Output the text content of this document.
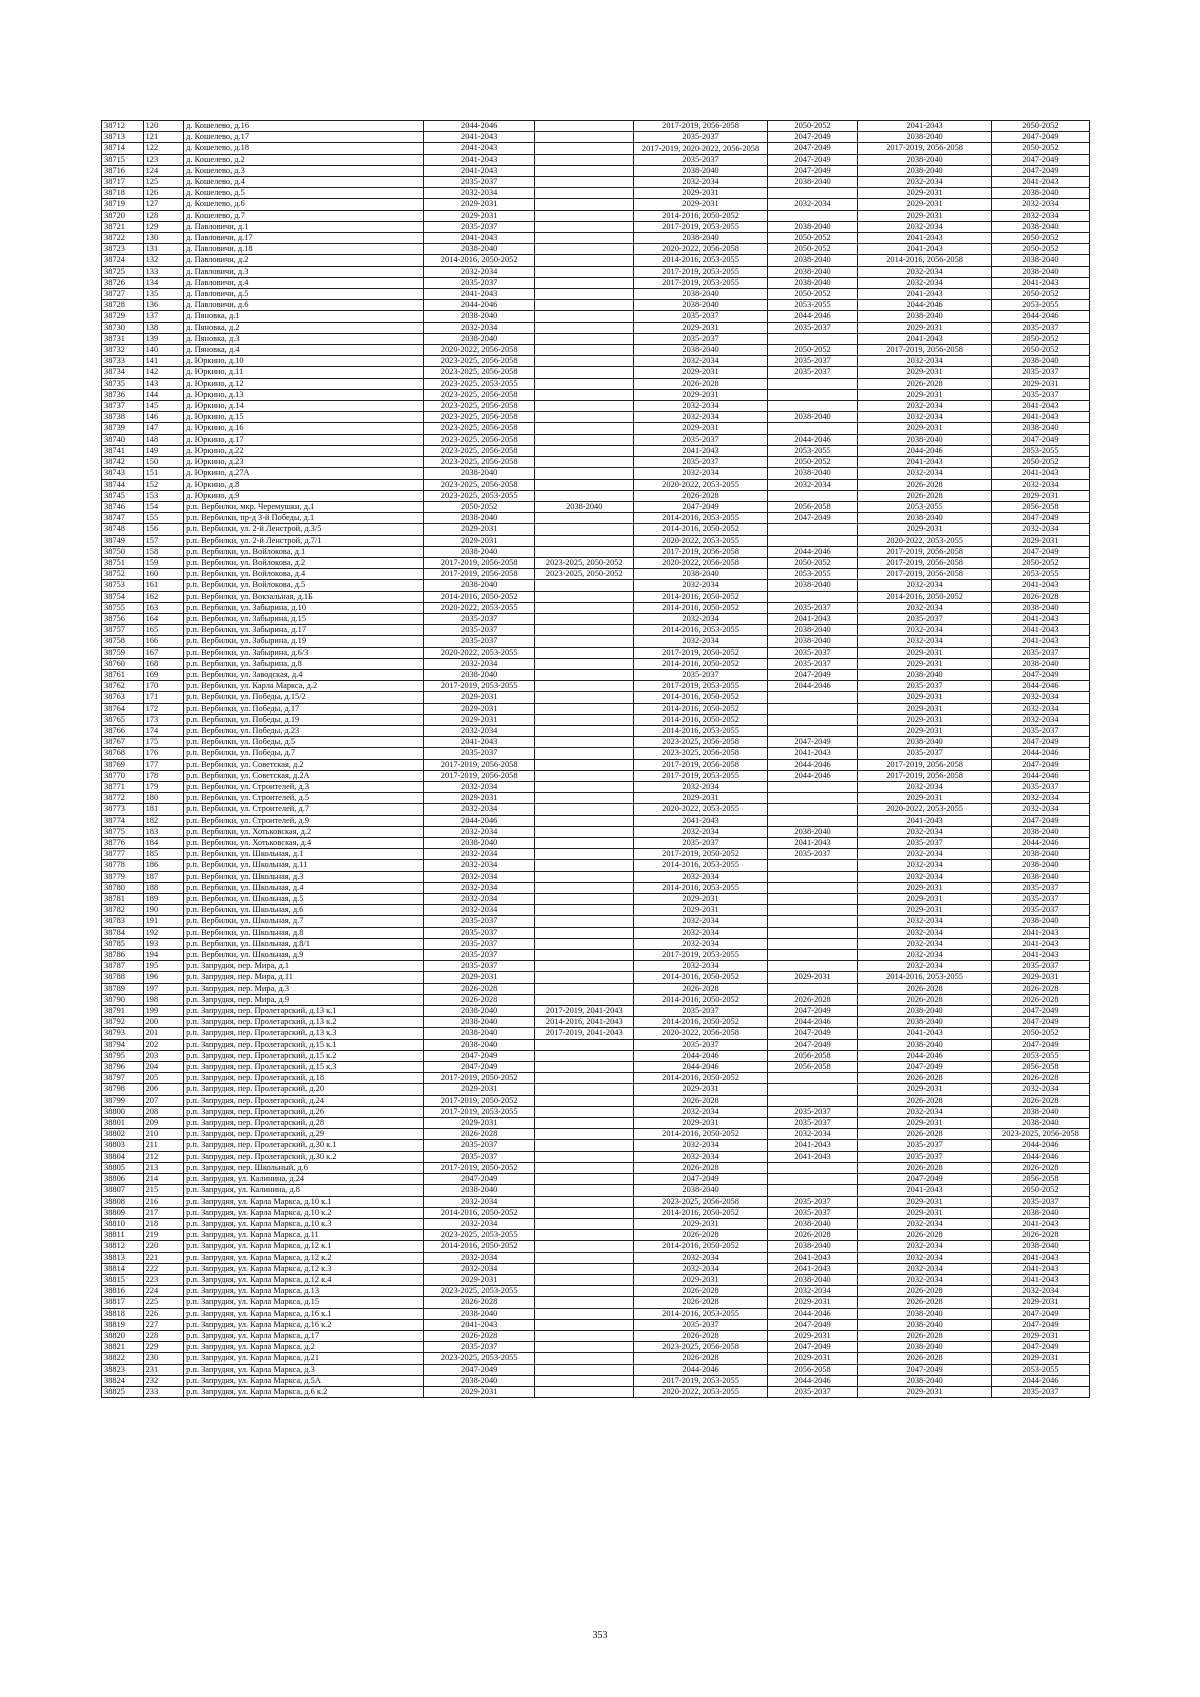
38712	120	д. Кошелево, д.16	2044-2046		2017-2019, 2056-2058	2050-2052	2041-2043	2050-2052
38713	121	д. Кошелево, д.17	2041-2043		2035-2037	2047-2049	2038-2040	2047-2049
38714	122	д. Кошелево, д.18	2041-2043		2017-2019, 2020-2022, 2056-2058	2047-2049	2017-2019, 2056-2058	2050-2052
38715	123	д. Кошелево, д.2	2041-2043		2035-2037	2047-2049	2038-2040	2047-2049
38716	124	д. Кошелево, д.3	2041-2043		2038-2040	2047-2049	2038-2040	2047-2049
38717	125	д. Кошелево, д.4	2035-2037		2032-2034	2038-2040	2032-2034	2041-2043
38718	126	д. Кошелево, д.5	2032-2034		2029-2031		2029-2031	2038-2040
38719	127	д. Кошелево, д.6	2029-2031		2029-2031	2032-2034	2029-2031	2032-2034
38720	128	д. Кошелево, д.7	2029-2031		2014-2016, 2050-2052		2029-2031	2032-2034
38721	129	д. Павловичи, д.1	2035-2037		2017-2019, 2053-2055	2038-2040	2032-2034	2038-2040
38722	130	д. Павловичи, д.17	2041-2043		2038-2040	2050-2052	2041-2043	2050-2052
38723	131	д. Павловичи, д.18	2038-2040		2020-2022, 2056-2058	2050-2052	2041-2043	2050-2052
38724	132	д. Павловичи, д.2	2014-2016, 2050-2052		2014-2016, 2053-2055	2038-2040	2014-2016, 2056-2058	2038-2040
38725	133	д. Павловичи, д.3	2032-2034		2017-2019, 2053-2055	2038-2040	2032-2034	2038-2040
38726	134	д. Павловичи, д.4	2035-2037		2017-2019, 2053-2055	2038-2040	2032-2034	2041-2043
38727	135	д. Павловичи, д.5	2041-2043		2038-2040	2050-2052	2041-2043	2050-2052
38728	136	д. Павловичи, д.6	2044-2046		2038-2040	2053-2055	2044-2046	2053-2055
38729	137	д. Пяновка, д.1	2038-2040		2035-2037	2044-2046	2038-2040	2044-2046
38730	138	д. Пяновка, д.2	2032-2034		2029-2031	2035-2037	2029-2031	2035-2037
38731	139	д. Пяновка, д.3	2038-2040		2035-2037		2041-2043	2050-2052
38732	140	д. Пяновка, д.4	2020-2022, 2056-2058		2038-2040	2050-2052	2017-2019, 2056-2058	2050-2052
38733	141	д. Юркино, д.10	2023-2025, 2056-2058		2032-2034	2035-2037	2032-2034	2038-2040
38734	142	д. Юркино, д.11	2023-2025, 2056-2058		2029-2031	2035-2037	2029-2031	2035-2037
38735	143	д. Юркино, д.12	2023-2025, 2053-2055		2026-2028		2026-2028	2029-2031
38736	144	д. Юркино, д.13	2023-2025, 2056-2058		2029-2031		2029-2031	2035-2037
38737	145	д. Юркино, д.14	2023-2025, 2056-2058		2032-2034		2032-2034	2041-2043
38738	146	д. Юркино, д.15	2023-2025, 2056-2058		2032-2034	2038-2040	2032-2034	2041-2043
38739	147	д. Юркино, д.16	2023-2025, 2056-2058		2029-2031		2029-2031	2038-2040
38740	148	д. Юркино, д.17	2023-2025, 2056-2058		2035-2037	2044-2046	2038-2040	2047-2049
38741	149	д. Юркино, д.22	2023-2025, 2056-2058		2041-2043	2053-2055	2044-2046	2053-2055
38742	150	д. Юркино, д.23	2023-2025, 2056-2058		2035-2037	2050-2052	2041-2043	2050-2052
38743	151	д. Юркино, д.27А	2038-2040		2032-2034	2038-2040	2032-2034	2041-2043
38744	152	д. Юркино, д.8	2023-2025, 2056-2058		2020-2022, 2053-2055	2032-2034	2026-2028	2032-2034
38745	153	д. Юркино, д.9	2023-2025, 2053-2055		2026-2028		2026-2028	2029-2031
38746	154	р.п. Вербилки, мкр. Черемушки, д.1	2050-2052	2038-2040	2047-2049	2056-2058	2053-2055	2056-2058
38747	155	р.п. Вербилки, пр-д 3-й Победы, д.1	2038-2040		2014-2016, 2053-2055	2047-2049	2038-2040	2047-2049
38748	156	р.п. Вербилки, ул. 2-й Ленстрой, д.3/5	2029-2031		2014-2016, 2050-2052		2029-2031	2032-2034
38749	157	р.п. Вербилки, ул. 2-й Ленстрой, д.7/1	2029-2031		2020-2022, 2053-2055		2020-2022, 2053-2055	2029-2031
38750	158	р.п. Вербилки, ул. Войлокова, д.1	2038-2040		2017-2019, 2056-2058	2044-2046	2017-2019, 2056-2058	2047-2049
38751	159	р.п. Вербилки, ул. Войлокова, д.2	2017-2019, 2056-2058	2023-2025, 2050-2052	2020-2022, 2056-2058	2050-2052	2017-2019, 2056-2058	2050-2052
38752	160	р.п. Вербилки, ул. Войлокова, д.4	2017-2019, 2056-2058	2023-2025, 2050-2052	2038-2040	2053-2055	2017-2019, 2056-2058	2053-2055
38753	161	р.п. Вербилки, ул. Войлокова, д.5	2038-2040		2032-2034	2038-2040	2032-2034	2041-2043
38754	162	р.п. Вербилки, ул. Вокзальная, д.1Б	2014-2016, 2050-2052		2014-2016, 2050-2052		2014-2016, 2050-2052	2026-2028
38755	163	р.п. Вербилки, ул. Забырина, д.10	2020-2022, 2053-2055		2014-2016, 2050-2052	2035-2037	2032-2034	2038-2040
38756	164	р.п. Вербилки, ул. Забырина, д.15	2035-2037		2032-2034	2041-2043	2035-2037	2041-2043
38757	165	р.п. Вербилки, ул. Забырина, д.17	2035-2037		2014-2016, 2053-2055	2038-2040	2032-2034	2041-2043
38758	166	р.п. Вербилки, ул. Забырина, д.19	2035-2037		2032-2034	2038-2040	2032-2034	2041-2043
38759	167	р.п. Вербилки, ул. Забырина, д.6/3	2020-2022, 2053-2055		2017-2019, 2050-2052	2035-2037	2029-2031	2035-2037
38760	168	р.п. Вербилки, ул. Забырина, д.8	2032-2034		2014-2016, 2050-2052	2035-2037	2029-2031	2038-2040
38761	169	р.п. Вербилки, ул. Заводская, д.4	2038-2040		2035-2037	2047-2049	2038-2040	2047-2049
38762	170	р.п. Вербилки, ул. Карла Маркса, д.2	2017-2019, 2053-2055		2017-2019, 2053-2055	2044-2046	2035-2037	2044-2046
38763	171	р.п. Вербилки, ул. Победы, д.15/2	2029-2031		2014-2016, 2050-2052		2029-2031	2032-2034
38764	172	р.п. Вербилки, ул. Победы, д.17	2029-2031		2014-2016, 2050-2052		2029-2031	2032-2034
38765	173	р.п. Вербилки, ул. Победы, д.19	2029-2031		2014-2016, 2050-2052		2029-2031	2032-2034
38766	174	р.п. Вербилки, ул. Победы, д.23	2032-2034		2014-2016, 2053-2055		2029-2031	2035-2037
38767	175	р.п. Вербилки, ул. Победы, д.5	2041-2043		2023-2025, 2056-2058	2047-2049	2038-2040	2047-2049
38768	176	р.п. Вербилки, ул. Победы, д.7	2035-2037		2023-2025, 2056-2058	2041-2043	2035-2037	2044-2046
38769	177	р.п. Вербилки, ул. Советская, д.2	2017-2019, 2056-2058		2017-2019, 2056-2058	2044-2046	2017-2019, 2056-2058	2047-2049
38770	178	р.п. Вербилки, ул. Советская, д.2А	2017-2019, 2056-2058		2017-2019, 2053-2055	2044-2046	2017-2019, 2056-2058	2044-2046
38771	179	р.п. Вербилки, ул. Строителей, д.3	2032-2034		2032-2034		2032-2034	2035-2037
38772	180	р.п. Вербилки, ул. Строителей, д.5	2029-2031		2029-2031		2029-2031	2032-2034
38773	181	р.п. Вербилки, ул. Строителей, д.7	2032-2034		2020-2022, 2053-2055		2020-2022, 2053-2055	2032-2034
38774	182	р.п. Вербилки, ул. Строителей, д.9	2044-2046		2041-2043		2041-2043	2047-2049
38775	183	р.п. Вербилки, ул. Хотьковская, д.2	2032-2034		2032-2034	2038-2040	2032-2034	2038-2040
38776	184	р.п. Вербилки, ул. Хотьковская, д.4	2038-2040		2035-2037	2041-2043	2035-2037	2044-2046
38777	185	р.п. Вербилки, ул. Школьная, д.1	2032-2034		2017-2019, 2050-2052	2035-2037	2032-2034	2038-2040
38778	186	р.п. Вербилки, ул. Школьная, д.11	2032-2034		2014-2016, 2053-2055		2032-2034	2038-2040
38779	187	р.п. Вербилки, ул. Школьная, д.3	2032-2034		2032-2034		2032-2034	2038-2040
38780	188	р.п. Вербилки, ул. Школьная, д.4	2032-2034		2014-2016, 2053-2055		2029-2031	2035-2037
38781	189	р.п. Вербилки, ул. Школьная, д.5	2032-2034		2029-2031		2029-2031	2035-2037
38782	190	р.п. Вербилки, ул. Школьная, д.6	2032-2034		2029-2031		2029-2031	2035-2037
38783	191	р.п. Вербилки, ул. Школьная, д.7	2035-2037		2032-2034		2032-2034	2038-2040
38784	192	р.п. Вербилки, ул. Школьная, д.8	2035-2037		2032-2034		2032-2034	2041-2043
38785	193	р.п. Вербилки, ул. Школьная, д.8/1	2035-2037		2032-2034		2032-2034	2041-2043
38786	194	р.п. Вербилки, ул. Школьная, д.9	2035-2037		2017-2019, 2053-2055		2032-2034	2041-2043
38787	195	р.п. Запрудня, пер. Мира, д.1	2035-2037		2032-2034		2032-2034	2035-2037
38788	196	р.п. Запрудня, пер. Мира, д.11	2029-2031		2014-2016, 2050-2052	2029-2031	2014-2016, 2053-2055	2029-2031
38789	197	р.п. Запрудня, пер. Мира, д.3	2026-2028		2026-2028		2026-2028	2026-2028
38790	198	р.п. Запрудня, пер. Мира, д.9	2026-2028		2014-2016, 2050-2052	2026-2028	2026-2028	2026-2028
38791	199	р.п. Запрудня, пер. Пролетарский, д.13 к.1	2038-2040	2017-2019, 2041-2043	2035-2037	2047-2049	2038-2040	2047-2049
38792	200	р.п. Запрудня, пер. Пролетарский, д.13 к.2	2038-2040	2014-2016, 2041-2043	2014-2016, 2050-2052	2044-2046	2038-2040	2047-2049
38793	201	р.п. Запрудня, пер. Пролетарский, д.13 к.3	2038-2040	2017-2019, 2041-2043	2020-2022, 2056-2058	2047-2049	2041-2043	2050-2052
38794	202	р.п. Запрудня, пер. Пролетарский, д.15 к.1	2038-2040		2035-2037	2047-2049	2038-2040	2047-2049
38795	203	р.п. Запрудня, пер. Пролетарский, д.15 к.2	2047-2049		2044-2046	2056-2058	2044-2046	2053-2055
38796	204	р.п. Запрудня, пер. Пролетарский, д.15 к.3	2047-2049		2044-2046	2056-2058	2047-2049	2056-2058
38797	205	р.п. Запрудня, пер. Пролетарский, д.18	2017-2019, 2050-2052		2014-2016, 2050-2052		2026-2028	2026-2028
38798	206	р.п. Запрудня, пер. Пролетарский, д.20	2029-2031		2029-2031		2029-2031	2032-2034
38799	207	р.п. Запрудня, пер. Пролетарский, д.24	2017-2019, 2050-2052		2026-2028		2026-2028	2026-2028
38800	208	р.п. Запрудня, пер. Пролетарский, д.26	2017-2019, 2053-2055		2032-2034	2035-2037	2032-2034	2038-2040
38801	209	р.п. Запрудня, пер. Пролетарский, д.28	2029-2031		2029-2031	2035-2037	2029-2031	2038-2040
38802	210	р.п. Запрудня, пер. Пролетарский, д.29	2026-2028		2014-2016, 2050-2052	2032-2034	2026-2028	2023-2025, 2056-2058
38803	211	р.п. Запрудня, пер. Пролетарский, д.30 к.1	2035-2037		2032-2034	2041-2043	2035-2037	2044-2046
38804	212	р.п. Запрудня, пер. Пролетарский, д.30 к.2	2035-2037		2032-2034	2041-2043	2035-2037	2044-2046
38805	213	р.п. Запрудня, пер. Школьный, д.6	2017-2019, 2050-2052		2026-2028		2026-2028	2026-2028
38806	214	р.п. Запрудня, ул. Калинина, д.24	2047-2049		2047-2049		2047-2049	2056-2058
38807	215	р.п. Запрудня, ул. Калинина, д.8	2038-2040		2038-2040		2041-2043	2050-2052
38808	216	р.п. Запрудня, ул. Карла Маркса, д.10 к.1	2032-2034		2023-2025, 2056-2058	2035-2037	2029-2031	2035-2037
38809	217	р.п. Запрудня, ул. Карла Маркса, д.10 к.2	2014-2016, 2050-2052		2014-2016, 2050-2052	2035-2037	2029-2031	2038-2040
38810	218	р.п. Запрудня, ул. Карла Маркса, д.10 к.3	2032-2034		2029-2031	2038-2040	2032-2034	2041-2043
38811	219	р.п. Запрудня, ул. Карла Маркса, д.11	2023-2025, 2053-2055		2026-2028	2026-2028	2026-2028	2026-2028
38812	220	р.п. Запрудня, ул. Карла Маркса, д.12 к.1	2014-2016, 2050-2052		2014-2016, 2050-2052	2038-2040	2032-2034	2038-2040
38813	221	р.п. Запрудня, ул. Карла Маркса, д.12 к.2	2032-2034		2032-2034	2041-2043	2032-2034	2041-2043
38814	222	р.п. Запрудня, ул. Карла Маркса, д.12 к.3	2032-2034		2032-2034	2041-2043	2032-2034	2041-2043
38815	223	р.п. Запрудня, ул. Карла Маркса, д.12 к.4	2029-2031		2029-2031	2038-2040	2032-2034	2041-2043
38816	224	р.п. Запрудня, ул. Карла Маркса, д.13	2023-2025, 2053-2055		2026-2028	2032-2034	2026-2028	2032-2034
38817	225	р.п. Запрудня, ул. Карла Маркса, д.15	2026-2028		2026-2028	2029-2031	2026-2028	2029-2031
38818	226	р.п. Запрудня, ул. Карла Маркса, д.16 к.1	2038-2040		2014-2016, 2053-2055	2044-2046	2038-2040	2047-2049
38819	227	р.п. Запрудня, ул. Карла Маркса, д.16 к.2	2041-2043		2035-2037	2047-2049	2038-2040	2047-2049
38820	228	р.п. Запрудня, ул. Карла Маркса, д.17	2026-2028		2026-2028	2029-2031	2026-2028	2029-2031
38821	229	р.п. Запрудня, ул. Карла Маркса, д.2	2035-2037		2023-2025, 2056-2058	2047-2049	2038-2040	2047-2049
38822	230	р.п. Запрудня, ул. Карла Маркса, д.21	2023-2025, 2053-2055		2026-2028	2029-2031	2026-2028	2029-2031
38823	231	р.п. Запрудня, ул. Карла Маркса, д.3	2047-2049		2044-2046	2056-2058	2047-2049	2053-2055
38824	232	р.п. Запрудня, ул. Карла Маркса, д.5А	2038-2040		2017-2019, 2053-2055	2044-2046	2038-2040	2044-2046
38825	233	р.п. Запрудня, ул. Карла Маркса, д.6 к.2	2029-2031		2020-2022, 2053-2055	2035-2037	2029-2031	2035-2037
353
